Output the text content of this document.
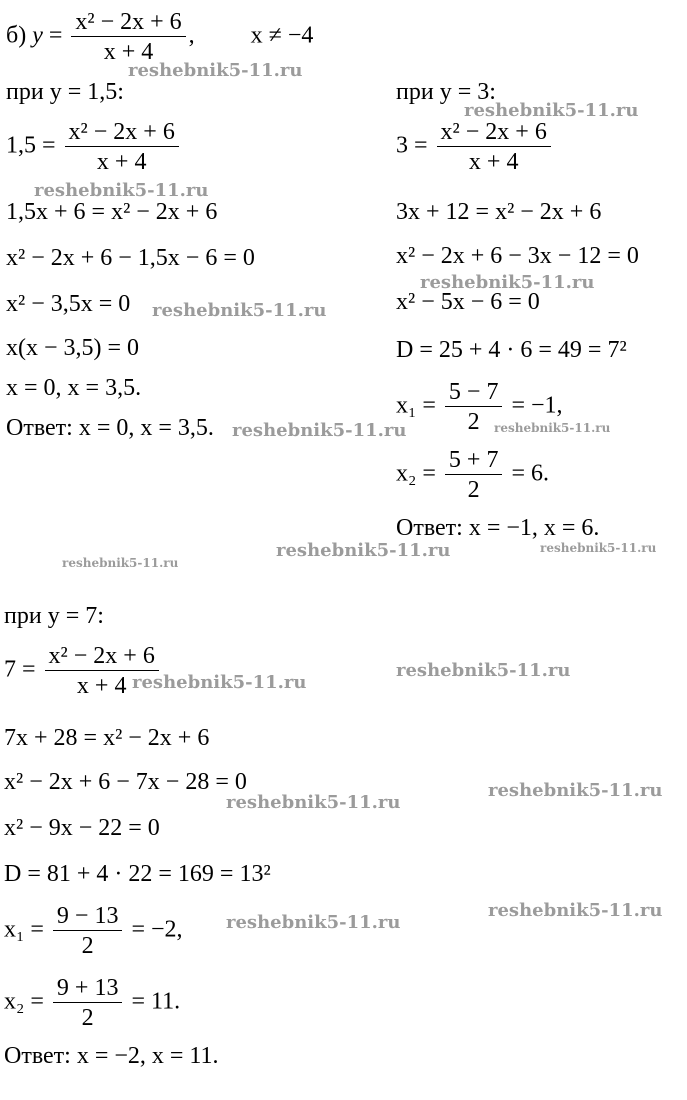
б) $y = \frac{\text{x² − 2x + 6}}{x + 4}$ , x ≠ −4
при y = 1,5:
$1,5 = \frac{\text{x² − 2x + 6}}{x + 4}$
1,5x + 6 = x² − 2x + 6
x² − 2x + 6 − 1,5x − 6 = 0
x² − 3,5x = 0
x(x − 3,5) = 0
x = 0, x = 3,5.
Ответ: x = 0, x = 3,5.
при y = 3:
$3 = \frac{\text{x² − 2x + 6}}{x + 4}$
3x + 12 = x² − 2x + 6
x² − 2x + 6 − 3x − 12 = 0
x² − 5x − 6 = 0
D = 25 + 4 · 6 = 49 = 7²
$x_1 = \frac{5 - 7}{2} = -1$,
$x_2 = \frac{5 + 7}{2} = 6$.
Ответ: x = −1, x = 6.
при y = 7:
$7 = \frac{\text{x² − 2x + 6}}{x + 4}$
7x + 28 = x² − 2x + 6
x² − 2x + 6 − 7x − 28 = 0
x² − 9x − 22 = 0
D = 81 + 4 · 22 = 169 = 13²
$x_1 = \frac{9 - 13}{2} = -2$,
$x_2 = \frac{9 + 13}{2} = 11$.
Ответ: x = −2, x = 11.
reshebnik5-11.ru
reshebnik5-11.ru
reshebnik5-11.ru
reshebnik5-11.ru
reshebnik5-11.ru
reshebnik5-11.ru	reshebnik5-11.ru
reshebnik5-11.ru	reshebnik5-11.ru
reshebnik5-11.ru
reshebnik5-11.ru
reshebnik5-11.ru
reshebnik5-11.ru
reshebnik5-11.ru
reshebnik5-11.ru
reshebnik5-11.ru
